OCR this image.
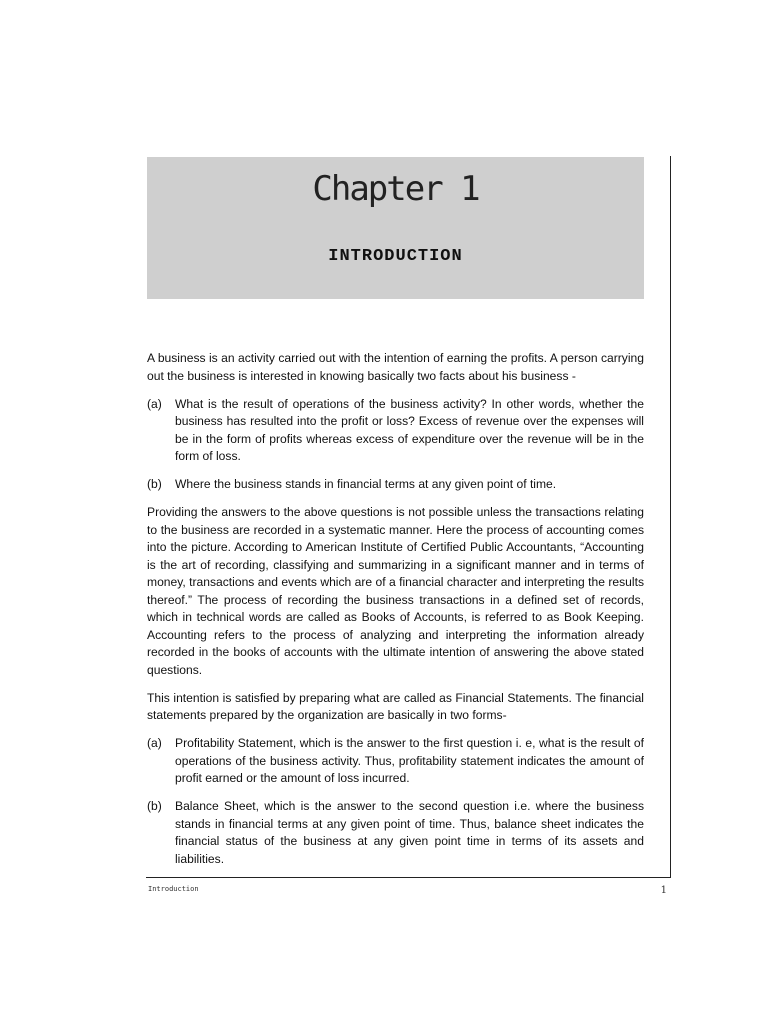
Chapter 1
INTRODUCTION

A business is an activity carried out with the intention of earning the profits. A person carrying out the business is interested in knowing basically two facts about his business -

(a)	What is the result of operations of the business activity? In other words, whether the business has resulted into the profit or loss? Excess of revenue over the expenses will be in the form of profits whereas excess of expenditure over the revenue will be in the form of loss.
(b)	Where the business stands in financial terms at any given point of time.

Providing the answers to the above questions is not possible unless the transactions relating to the business are recorded in a systematic manner. Here the process of accounting comes into the picture. According to American Institute of Certified Public Accountants, “Accounting is the art of recording, classifying and summarizing in a significant manner and in terms of money, transactions and events which are of a financial character and interpreting the results thereof.” The process of recording the business transactions in a defined set of records, which in technical words are called as Books of Accounts, is referred to as Book Keeping. Accounting refers to the process of analyzing and interpreting the information already recorded in the books of accounts with the ultimate intention of answering the above stated questions.

This intention is satisfied by preparing what are called as Financial Statements. The financial statements prepared by the organization are basically in two forms-

(a)	Profitability Statement, which is the answer to the first question i. e, what is the result of operations of the business activity. Thus, profitability statement indicates the amount of profit earned or the amount of loss incurred.
(b)	Balance Sheet, which is the answer to the second question i.e. where the business stands in financial terms at any given point of time. Thus, balance sheet indicates the financial status of the business at any given point time in terms of its assets and liabilities.
Introduction	1
